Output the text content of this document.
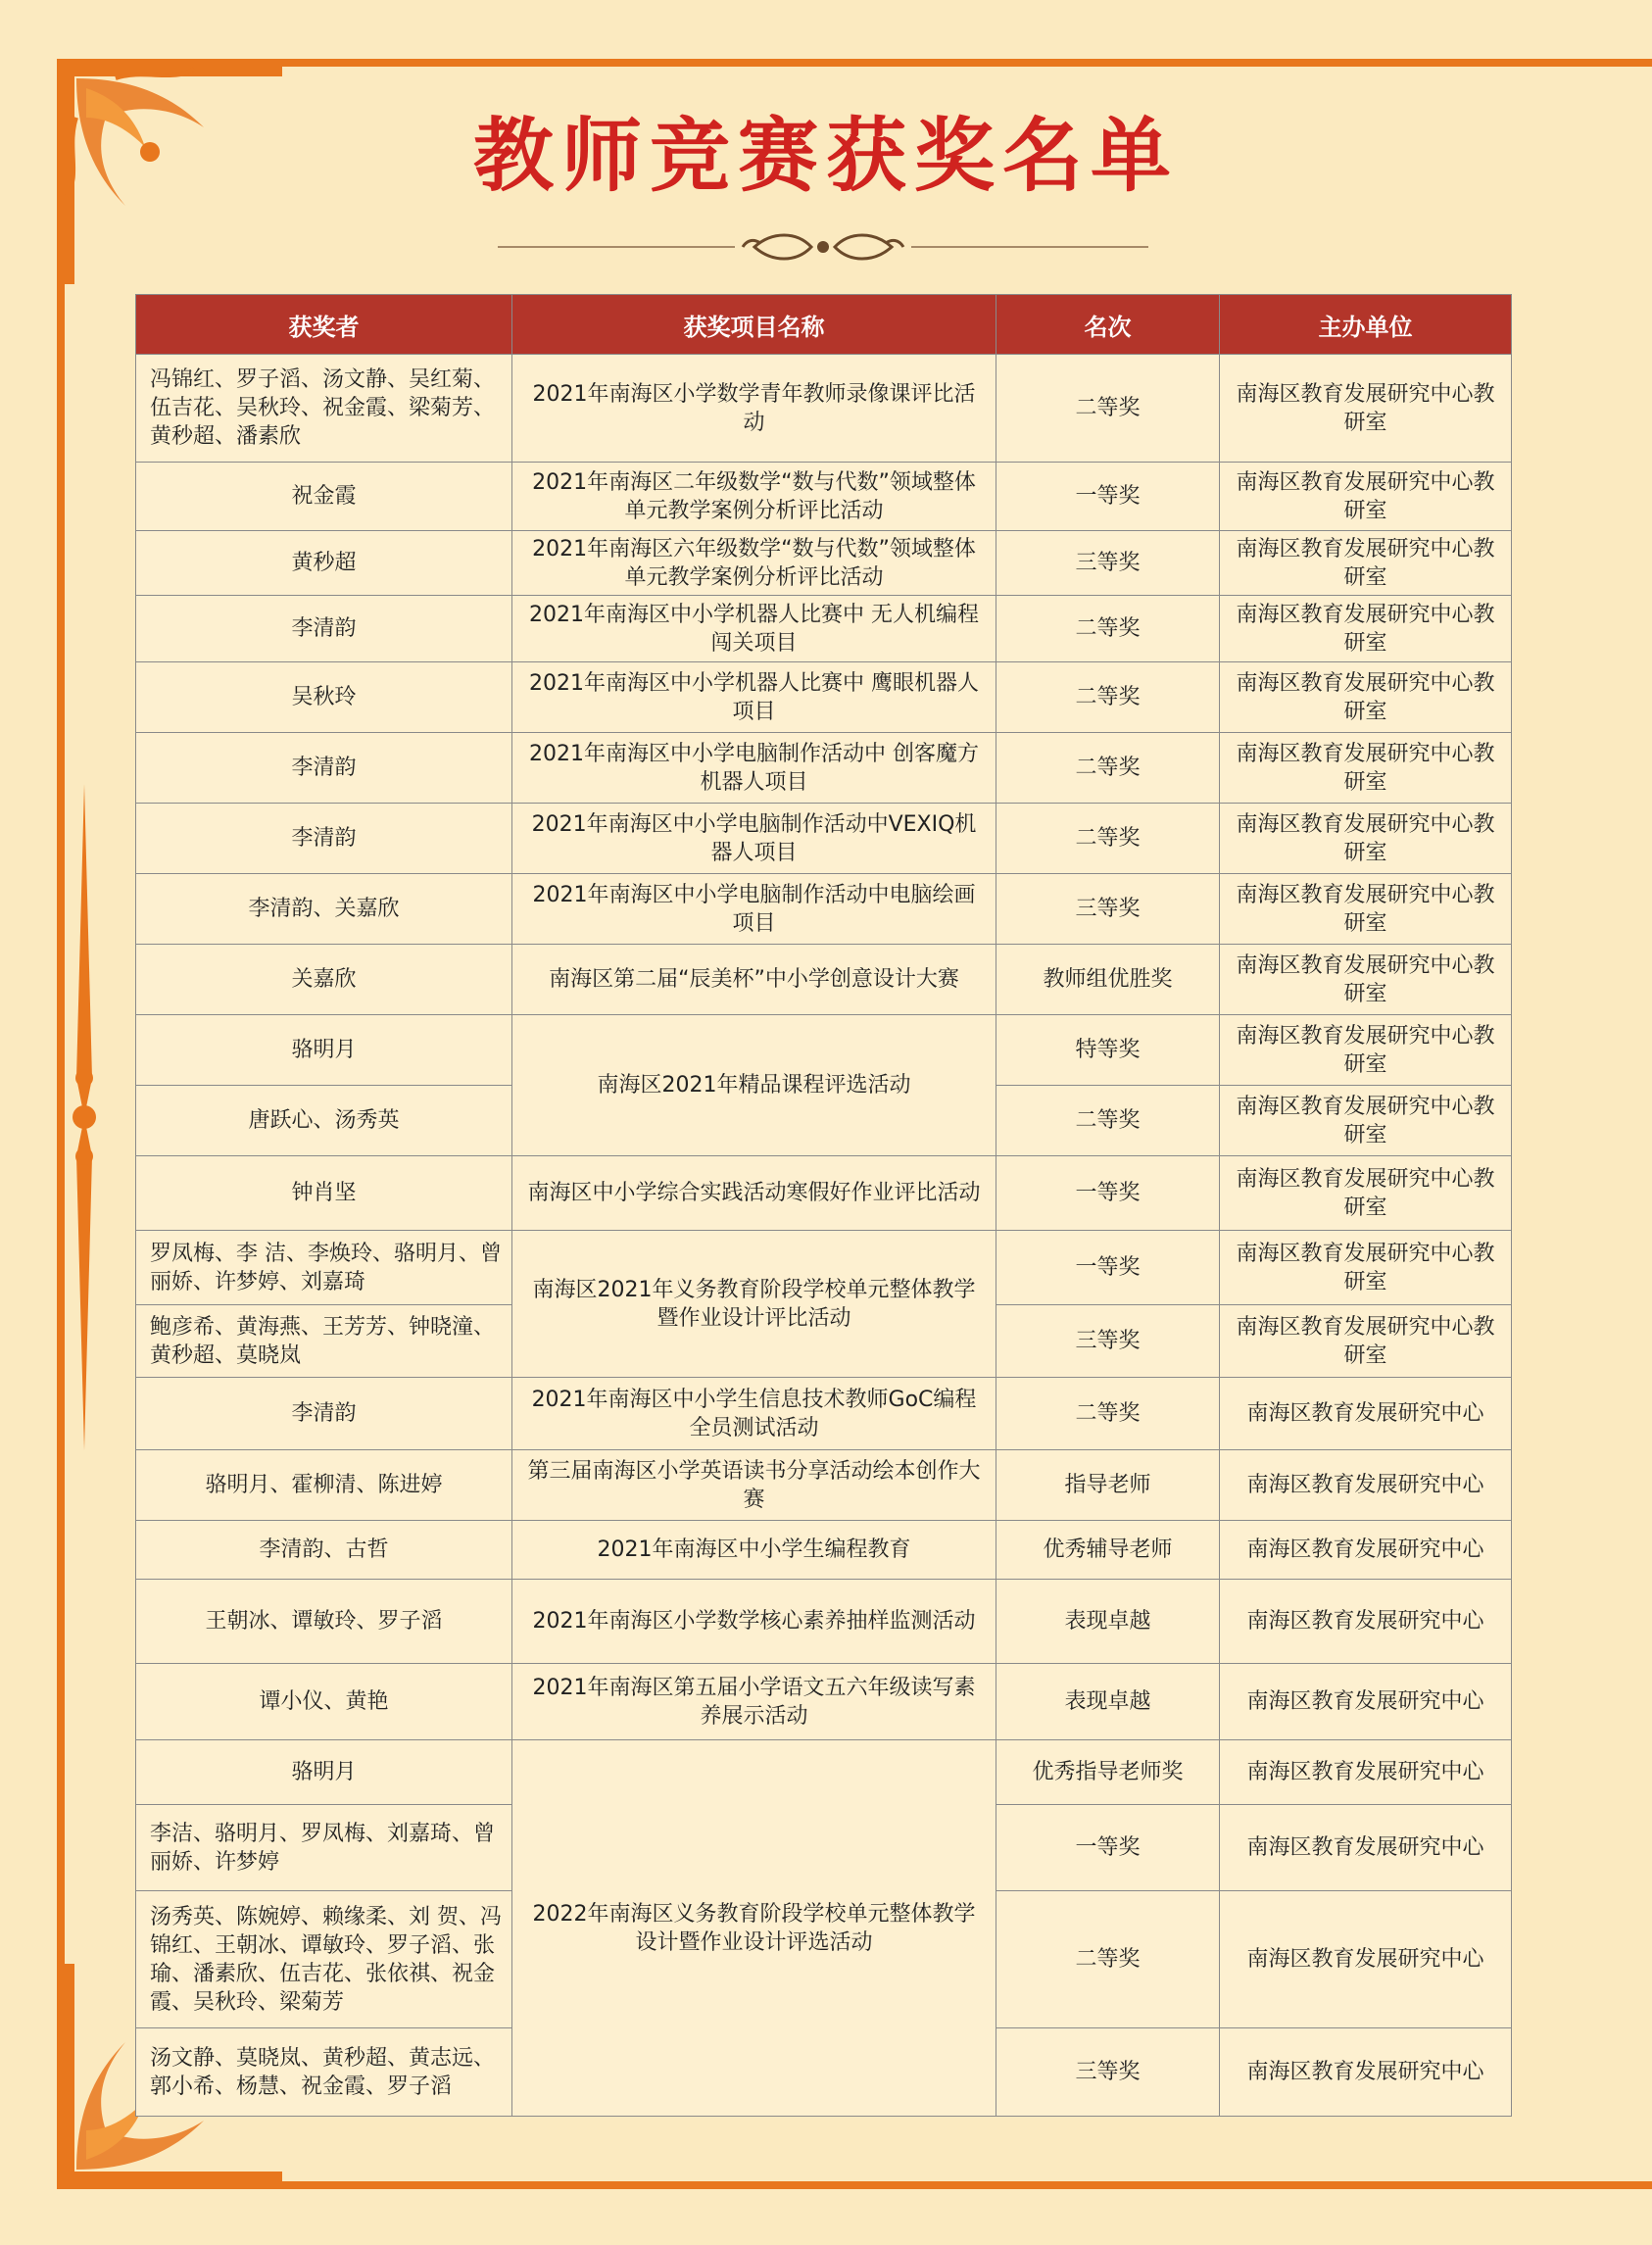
教师竞赛获奖名单
获奖者	获奖项目名称	名次	主办单位
冯锦红、罗子滔、汤文静、吴红菊、伍吉花、吴秋玲、祝金霞、梁菊芳、黄秒超、潘素欣	2021年南海区小学数学青年教师录像课评比活动	二等奖	南海区教育发展研究中心教研室
祝金霞	2021年南海区二年级数学“数与代数”领域整体单元教学案例分析评比活动	一等奖	南海区教育发展研究中心教研室
黄秒超	2021年南海区六年级数学“数与代数”领域整体单元教学案例分析评比活动	三等奖	南海区教育发展研究中心教研室
李清韵	2021年南海区中小学机器人比赛中 无人机编程闯关项目	二等奖	南海区教育发展研究中心教研室
吴秋玲	2021年南海区中小学机器人比赛中 鹰眼机器人项目	二等奖	南海区教育发展研究中心教研室
李清韵	2021年南海区中小学电脑制作活动中 创客魔方机器人项目	二等奖	南海区教育发展研究中心教研室
李清韵	2021年南海区中小学电脑制作活动中VEXIQ机器人项目	二等奖	南海区教育发展研究中心教研室
李清韵、关嘉欣	2021年南海区中小学电脑制作活动中电脑绘画项目	三等奖	南海区教育发展研究中心教研室
关嘉欣	南海区第二届“辰美杯”中小学创意设计大赛	教师组优胜奖	南海区教育发展研究中心教研室
骆明月	南海区2021年精品课程评选活动	特等奖	南海区教育发展研究中心教研室
唐跃心、汤秀英		二等奖	南海区教育发展研究中心教研室
钟肖坚	南海区中小学综合实践活动寒假好作业评比活动	一等奖	南海区教育发展研究中心教研室
罗凤梅、李 洁、李焕玲、骆明月、曾丽娇、许梦婷、刘嘉琦	南海区2021年义务教育阶段学校单元整体教学暨作业设计评比活动	一等奖	南海区教育发展研究中心教研室
鲍彦希、黄海燕、王芳芳、钟晓潼、黄秒超、莫晓岚		三等奖	南海区教育发展研究中心教研室
李清韵	2021年南海区中小学生信息技术教师GoC编程全员测试活动	二等奖	南海区教育发展研究中心
骆明月、霍柳清、陈进婷	第三届南海区小学英语读书分享活动绘本创作大赛	指导老师	南海区教育发展研究中心
李清韵、古哲	2021年南海区中小学生编程教育	优秀辅导老师	南海区教育发展研究中心
王朝冰、谭敏玲、罗子滔	2021年南海区小学数学核心素养抽样监测活动	表现卓越	南海区教育发展研究中心
谭小仪、黄艳	2021年南海区第五届小学语文五六年级读写素养展示活动	表现卓越	南海区教育发展研究中心
骆明月	2022年南海区义务教育阶段学校单元整体教学设计暨作业设计评选活动	优秀指导老师奖	南海区教育发展研究中心
李洁、骆明月、罗凤梅、刘嘉琦、曾丽娇、许梦婷		一等奖	南海区教育发展研究中心
汤秀英、陈婉婷、赖缘柔、刘 贺、冯锦红、王朝冰、谭敏玲、罗子滔、张 瑜、潘素欣、伍吉花、张依祺、祝金霞、吴秋玲、梁菊芳		二等奖	南海区教育发展研究中心
汤文静、莫晓岚、黄秒超、黄志远、郭小希、杨慧、祝金霞、罗子滔		三等奖	南海区教育发展研究中心
